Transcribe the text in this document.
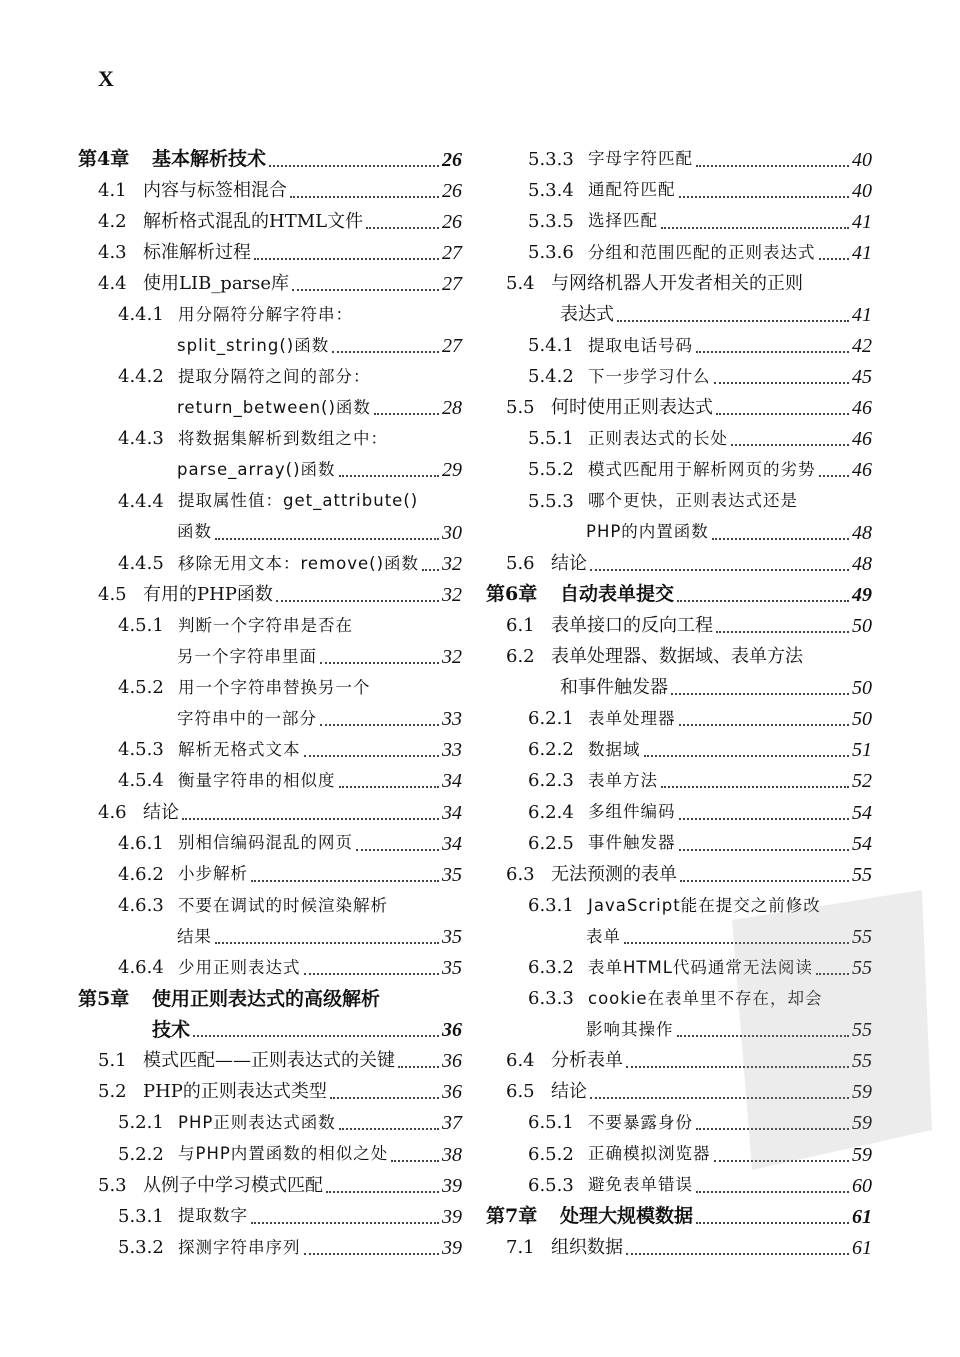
X
第4章	基本解析技术	26
4.1 内容与标签相混合	26
4.2 解析格式混乱的HTML文件	26
4.3 标准解析过程	27
4.4 使用LIB_parse库	27
4.4.1 用分隔符分解字符串：
split_string()函数	27
4.4.2 提取分隔符之间的部分：
return_between()函数	28
4.4.3 将数据集解析到数组之中：
parse_array()函数	29
4.4.4 提取属性值：get_attribute()
函数	30
4.4.5 移除无用文本：remove()函数 32
4.5 有用的PHP函数	32
4.5.1 判断一个字符串是否在
另一个字符串里面	32
4.5.2 用一个字符串替换另一个
字符串中的一部分	33
4.5.3 解析无格式文本	33
4.5.4 衡量字符串的相似度	34
4.6 结论	34
4.6.1 别相信编码混乱的网页	34
4.6.2 小步解析	35
4.6.3 不要在调试的时候渲染解析
结果	35
4.6.4 少用正则表达式	35
第5章	使用正则表达式的高级解析
技术	36
5.1 模式匹配——正则表达式的关键 36
5.2 PHP的正则表达式类型	36
5.2.1 PHP正则表达式函数	37
5.2.2 与PHP内置函数的相似之处	38
5.3 从例子中学习模式匹配	39
5.3.1 提取数字	39
5.3.2 探测字符串序列	39
5.3.3 字母字符匹配	40
5.3.4 通配符匹配	40
5.3.5 选择匹配	41
5.3.6 分组和范围匹配的正则表达式 41
5.4 与网络机器人开发者相关的正则
表达式	41
5.4.1 提取电话号码	42
5.4.2 下一步学习什么	45
5.5 何时使用正则表达式	46
5.5.1 正则表达式的长处	46
5.5.2 模式匹配用于解析网页的劣势 46
5.5.3 哪个更快，正则表达式还是
PHP的内置函数	48
5.6 结论	48
第6章	自动表单提交	49
6.1 表单接口的反向工程	50
6.2 表单处理器、数据域、表单方法
和事件触发器	50
6.2.1 表单处理器	50
6.2.2 数据域	51
6.2.3 表单方法	52
6.2.4 多组件编码	54
6.2.5 事件触发器	54
6.3 无法预测的表单	55
6.3.1 JavaScript能在提交之前修改
表单	55
6.3.2 表单HTML代码通常无法阅读 55
6.3.3 cookie在表单里不存在，却会
影响其操作	55
6.4 分析表单	55
6.5 结论	59
6.5.1 不要暴露身份	59
6.5.2 正确模拟浏览器	59
6.5.3 避免表单错误	60
第7章	处理大规模数据	61
7.1 组织数据	61
